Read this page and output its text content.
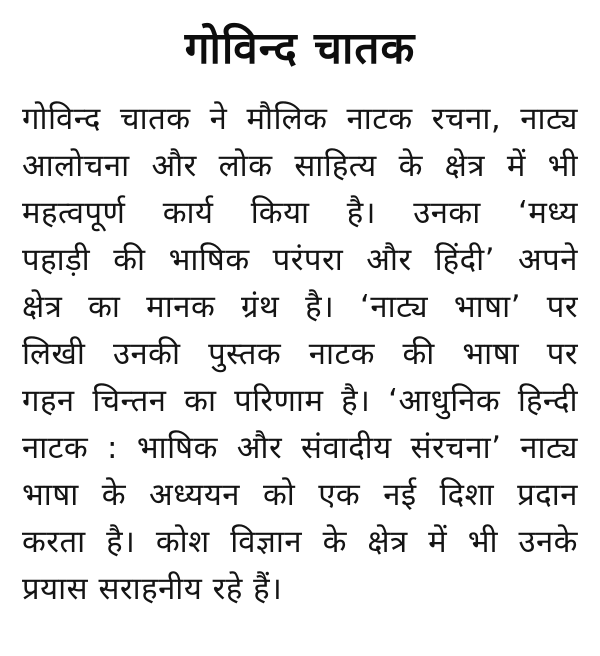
गोविन्द चातक
गोविन्द चातक ने मौलिक नाटक रचना, नाट्य
आलोचना और लोक साहित्य के क्षेत्र में भी
महत्वपूर्ण कार्य किया है। उनका ‘मध्य
पहाड़ी की भाषिक परंपरा और हिंदी’ अपने
क्षेत्र का मानक ग्रंथ है। ‘नाट्य भाषा’ पर
लिखी उनकी पुस्तक नाटक की भाषा पर
गहन चिन्तन का परिणाम है। ‘आधुनिक हिन्दी
नाटक : भाषिक और संवादीय संरचना’ नाट्य
भाषा के अध्ययन को एक नई दिशा प्रदान
करता है। कोश विज्ञान के क्षेत्र में भी उनके
प्रयास सराहनीय रहे हैं।
